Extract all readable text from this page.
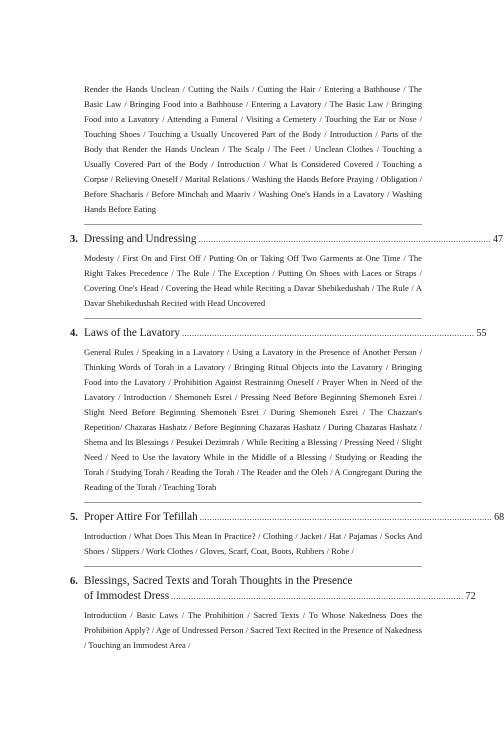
Render the Hands Unclean / Cutting the Nails / Cutting the Hair / Entering a Bathhouse / The Basic Law / Bringing Food into a Bathhouse / Entering a Lavatory / The Basic Law / Bringing Food into a Lavatory / Attending a Funeral / Visiting a Cemetery / Touching the Ear or Nose / Touching Shoes / Touching a Usually Uncovered Part of the Body / Introduction / Parts of the Body that Render the Hands Unclean / The Scalp / The Feet / Unclean Clothes / Touching a Usually Covered Part of the Body / Introduction / What Is Considered Covered / Touching a Corpse / Relieving Oneself / Marital Relations / Washing the Hands Before Praying / Obligation / Before Shacharis / Before Minchah and Maariv / Washing One's Hands in a Lavatory / Washing Hands Before Eating

3. Dressing and Undressing ..................................................................................................................... 47

Modesty / First On and First Off / Putting On or Taking Off Two Garments at One Time / The Right Takes Precedence / The Rule / The Exception / Putting On Shoes with Laces or Straps / Covering One's Head / Covering the Head while Reciting a Davar Shebikedushah / The Rule / A Davar Shebikedushah Recited with Head Uncovered

4. Laws of the Lavatory ..................................................................................................................... 55

General Rules / Speaking in a Lavatory / Using a Lavatory in the Presence of Another Person / Thinking Words of Torah in a Lavatory / Bringing Ritual Objects into the Lavatory / Bringing Food into the Lavatory / Prohibition Against Restraining Oneself / Prayer When in Need of the Lavatory / Introduction / Shemoneh Esrei / Pressing Need Before Beginning Shemoneh Esrei / Slight Need Before Beginning Shemoneh Esrei / During Shemoneh Esrei / The Chazzan's Repetition/ Chazaras Hashatz / Before Beginning Chazaras Hashatz / During Chazaras Hashatz / Shema and Its Blessings / Pesukei Dezimrah / While Reciting a Blessing / Pressing Need / Slight Need / Need to Use the lavatory While in the Middle of a Blessing / Studying or Reading the Torah / Studying Torah / Reading the Torah / The Reader and the Oleh / A Congregant During the Reading of the Torah / Teaching Torah

5. Proper Attire For Tefillah ..................................................................................................................... 68

Introduction / What Does This Mean In Practice? / Clothing / Jacket / Hat / Pajamas / Socks And Shoes / Slippers / Work Clothes / Gloves, Scarf, Coat, Boots, Rubbers / Robe /

6. Blessings, Sacred Texts and Torah Thoughts in the Presence
of Immodest Dress ..................................................................................................................... 72

Introduction / Basic Laws / The Prohibition / Sacred Texts / To Whose Nakedness Does the Prohibition Apply? / Age of Undressed Person / Sacred Text Recited in the Presence of Nakedness / Touching an Immodest Area /
